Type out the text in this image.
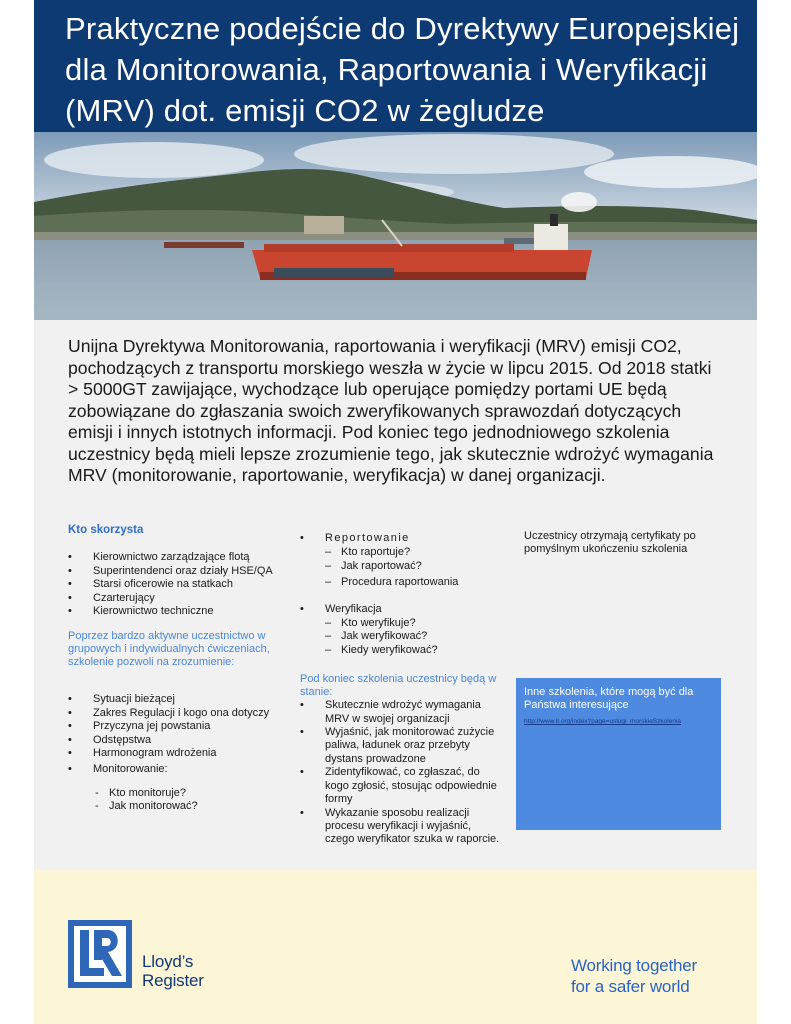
Praktyczne podejście do Dyrektywy Europejskiej dla Monitorowania, Raportowania i Weryfikacji (MRV) dot. emisji CO2 w żegludze

Unijna Dyrektywa Monitorowania, raportowania i weryfikacji (MRV) emisji CO2, pochodzących z transportu morskiego weszła w życie w lipcu 2015. Od 2018 statki > 5000GT zawijające, wychodzące lub operujące pomiędzy portami UE będą zobowiązane do zgłaszania swoich zweryfikowanych sprawozdań dotyczących emisji i innych istotnych informacji. Pod koniec tego jednodniowego szkolenia uczestnicy będą mieli lepsze zrozumienie tego, jak skutecznie wdrożyć wymagania MRV (monitorowanie, raportowanie, weryfikacja) w danej organizacji.

Kto skorzysta

• Kierownictwo zarządzające flotą
• Superintendenci oraz działy HSE/QA
• Starsi oficerowie na statkach
• Czarterujący
• Kierownictwo techniczne

Poprzez bardzo aktywne uczestnictwo w grupowych i indywidualnych ćwiczeniach, szkolenie pozwoli na zrozumienie:

• Sytuacji bieżącej
• Zakres Regulacji i kogo ona dotyczy
• Przyczyna jej powstania
• Odstępstwa
• Harmonogram wdrożenia
• Monitorowanie:
- Kto monitoruje?
- Jak monitorować?
• Reportowanie
– Kto raportuje?
– Jak raportować?
– Procedura raportowania
• Weryfikacja
– Kto weryfikuje?
– Jak weryfikować?
– Kiedy weryfikować?

Pod koniec szkolenia uczestnicy będą w stanie:

• Skutecznie wdrożyć wymagania MRV w swojej organizacji
• Wyjaśnić, jak monitorować zużycie paliwa, ładunek oraz przebyty dystans prowadzone
• Zidentyfikować, co zgłaszać, do kogo zgłosić, stosując odpowiednie formy
• Wykazanie sposobu realizacji procesu weryfikacji i wyjaśnić, czego weryfikator szuka w raporcie.

Uczestnicy otrzymają certyfikaty po pomyślnym ukończeniu szkolenia

Inne szkolenia, które mogą być dla Państwa interesujące

http://www.lr.org/index?page=uslugi_morskieSzkolenia
Lloyd’s
Register
Working together
for a safer world
